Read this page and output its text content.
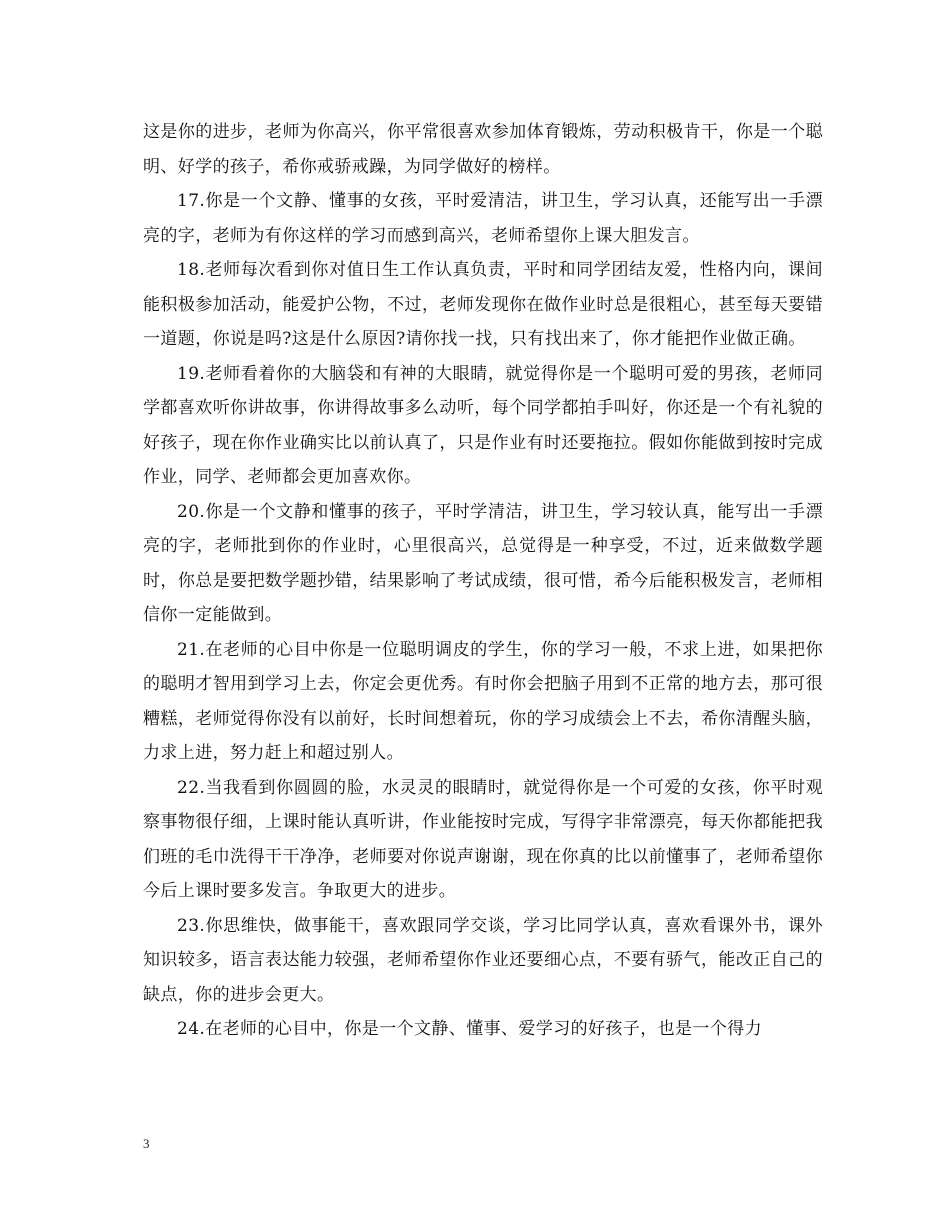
这是你的进步，老师为你高兴，你平常很喜欢参加体育锻炼，劳动积极肯干，你是一个聪明、好学的孩子，希你戒骄戒躁，为同学做好的榜样。

17.你是一个文静、懂事的女孩，平时爱清洁，讲卫生，学习认真，还能写出一手漂亮的字，老师为有你这样的学习而感到高兴，老师希望你上课大胆发言。

18.老师每次看到你对值日生工作认真负责，平时和同学团结友爱，性格内向，课间能积极参加活动，能爱护公物，不过，老师发现你在做作业时总是很粗心，甚至每天要错一道题，你说是吗?这是什么原因?请你找一找，只有找出来了，你才能把作业做正确。

19.老师看着你的大脑袋和有神的大眼睛，就觉得你是一个聪明可爱的男孩，老师同学都喜欢听你讲故事，你讲得故事多么动听，每个同学都拍手叫好，你还是一个有礼貌的好孩子，现在你作业确实比以前认真了，只是作业有时还要拖拉。假如你能做到按时完成作业，同学、老师都会更加喜欢你。

20.你是一个文静和懂事的孩子，平时学清洁，讲卫生，学习较认真，能写出一手漂亮的字，老师批到你的作业时，心里很高兴，总觉得是一种享受，不过，近来做数学题时，你总是要把数学题抄错，结果影响了考试成绩，很可惜，希今后能积极发言，老师相信你一定能做到。

21.在老师的心目中你是一位聪明调皮的学生，你的学习一般，不求上进，如果把你的聪明才智用到学习上去，你定会更优秀。有时你会把脑子用到不正常的地方去，那可很糟糕，老师觉得你没有以前好，长时间想着玩，你的学习成绩会上不去，希你清醒头脑，力求上进，努力赶上和超过别人。

22.当我看到你圆圆的脸，水灵灵的眼睛时，就觉得你是一个可爱的女孩，你平时观察事物很仔细，上课时能认真听讲，作业能按时完成，写得字非常漂亮，每天你都能把我们班的毛巾洗得干干净净，老师要对你说声谢谢，现在你真的比以前懂事了，老师希望你今后上课时要多发言。争取更大的进步。

23.你思维快，做事能干，喜欢跟同学交谈，学习比同学认真，喜欢看课外书，课外知识较多，语言表达能力较强，老师希望你作业还要细心点，不要有骄气，能改正自己的缺点，你的进步会更大。

24.在老师的心目中，你是一个文静、懂事、爱学习的好孩子，也是一个得力

3
